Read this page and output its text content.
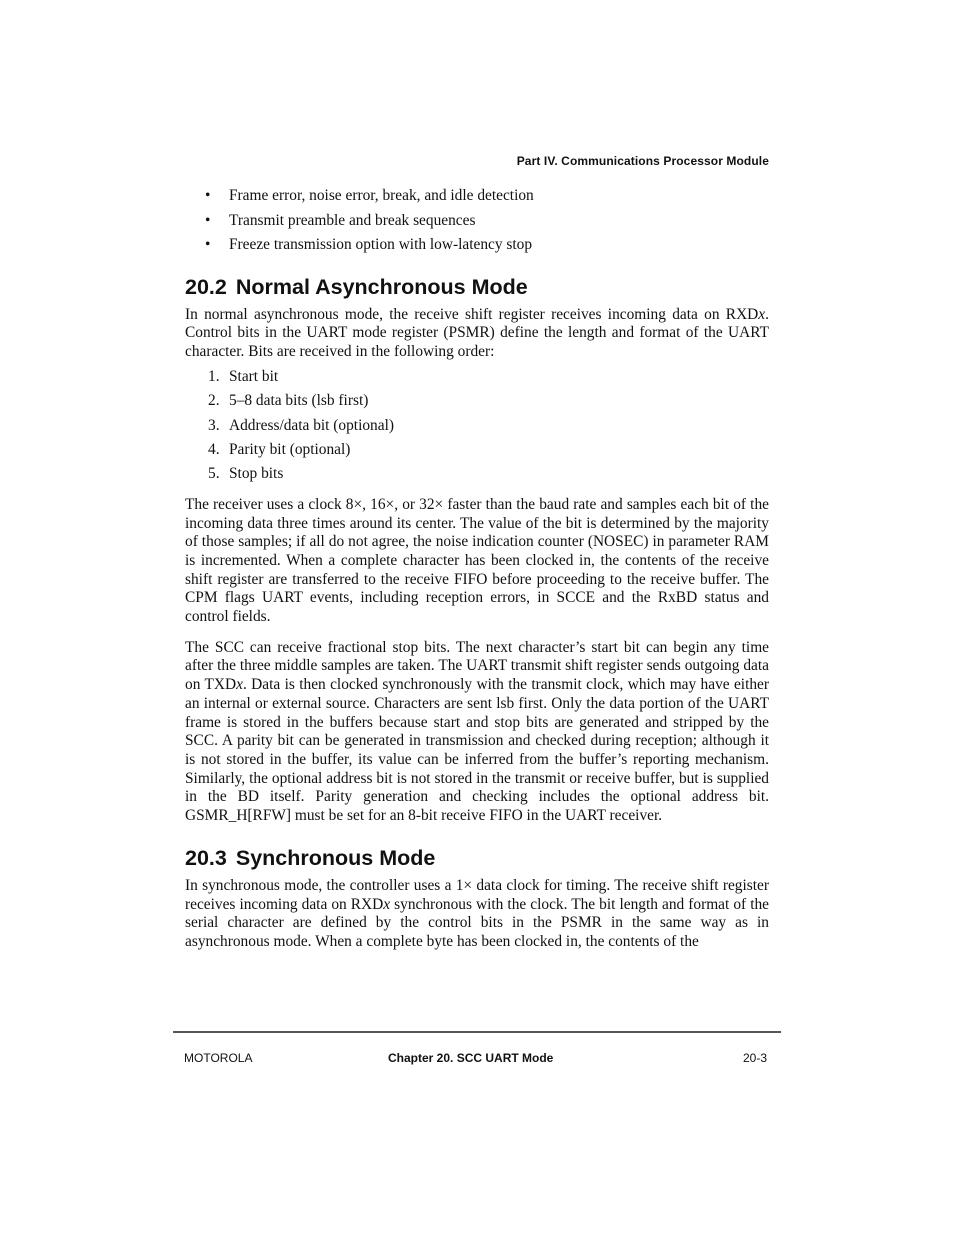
Part IV. Communications Processor Module
• Frame error, noise error, break, and idle detection
• Transmit preamble and break sequences
• Freeze transmission option with low-latency stop
20.2 Normal Asynchronous Mode

In normal asynchronous mode, the receive shift register receives incoming data on RXDx. Control bits in the UART mode register (PSMR) define the length and format of the UART character. Bits are received in the following order:

1. Start bit
2. 5–8 data bits (lsb first)
3. Address/data bit (optional)
4. Parity bit (optional)
5. Stop bits

The receiver uses a clock 8×, 16×, or 32× faster than the baud rate and samples each bit of the incoming data three times around its center. The value of the bit is determined by the majority of those samples; if all do not agree, the noise indication counter (NOSEC) in parameter RAM is incremented. When a complete character has been clocked in, the contents of the receive shift register are transferred to the receive FIFO before proceeding to the receive buffer. The CPM flags UART events, including reception errors, in SCCE and the RxBD status and control fields.

The SCC can receive fractional stop bits. The next character’s start bit can begin any time after the three middle samples are taken. The UART transmit shift register sends outgoing data on TXDx. Data is then clocked synchronously with the transmit clock, which may have either an internal or external source. Characters are sent lsb first. Only the data portion of the UART frame is stored in the buffers because start and stop bits are generated and stripped by the SCC. A parity bit can be generated in transmission and checked during reception; although it is not stored in the buffer, its value can be inferred from the buffer’s reporting mechanism. Similarly, the optional address bit is not stored in the transmit or receive buffer, but is supplied in the BD itself. Parity generation and checking includes the optional address bit. GSMR_H[RFW] must be set for an 8-bit receive FIFO in the UART receiver.

20.3 Synchronous Mode

In synchronous mode, the controller uses a 1× data clock for timing. The receive shift register receives incoming data on RXDx synchronous with the clock. The bit length and format of the serial character are defined by the control bits in the PSMR in the same way as in asynchronous mode. When a complete byte has been clocked in, the contents of the

MOTOROLA	Chapter 20. SCC UART Mode	20-3
